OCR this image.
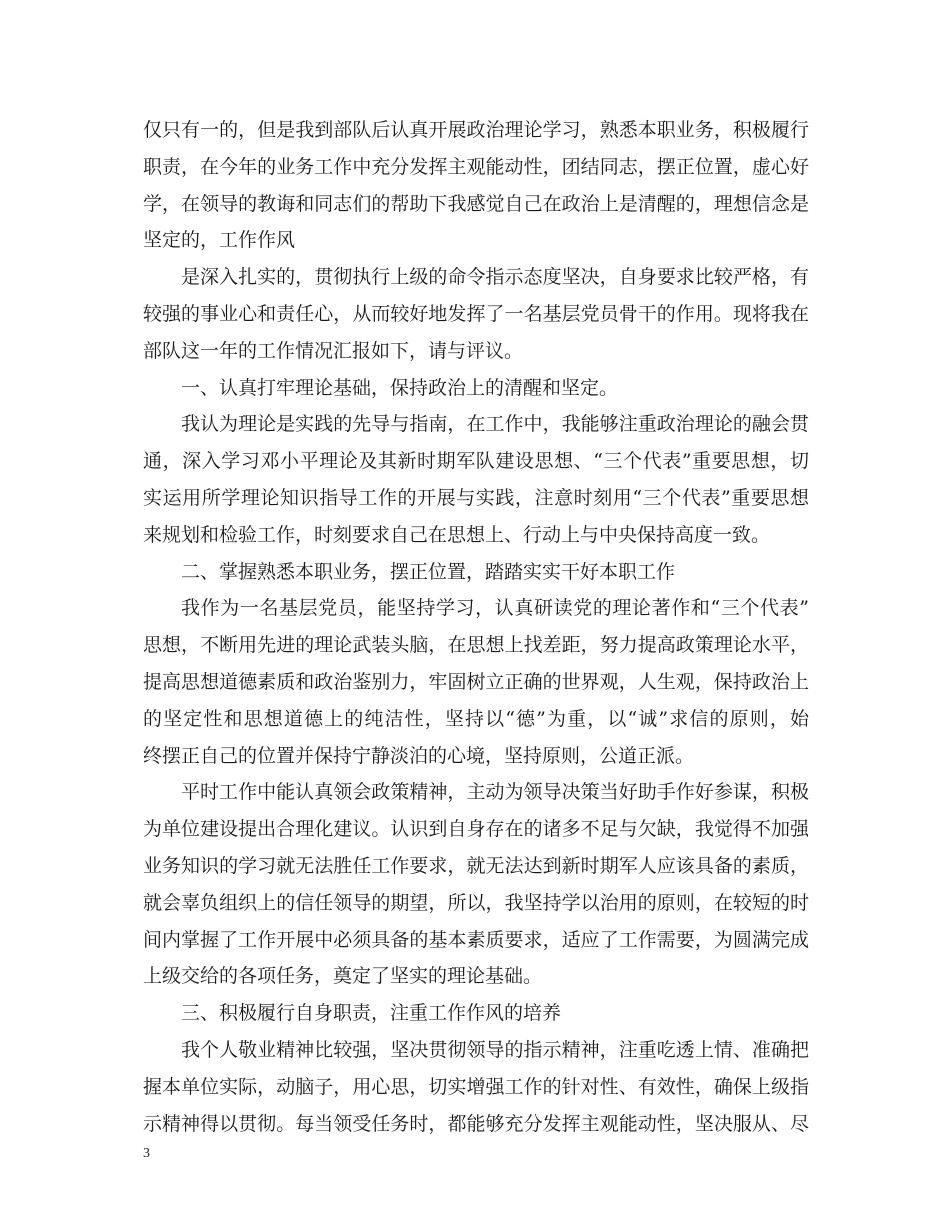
仅只有一的，但是我到部队后认真开展政治理论学习，熟悉本职业务，积极履行
职责，在今年的业务工作中充分发挥主观能动性，团结同志，摆正位置，虚心好
学，在领导的教诲和同志们的帮助下我感觉自己在政治上是清醒的，理想信念是
坚定的，工作作风
是深入扎实的，贯彻执行上级的命令指示态度坚决，自身要求比较严格，有
较强的事业心和责任心，从而较好地发挥了一名基层党员骨干的作用。现将我在
部队这一年的工作情况汇报如下，请与评议。
一、认真打牢理论基础，保持政治上的清醒和坚定。
我认为理论是实践的先导与指南，在工作中，我能够注重政治理论的融会贯
通，深入学习邓小平理论及其新时期军队建设思想、“三个代表”重要思想，切
实运用所学理论知识指导工作的开展与实践，注意时刻用“三个代表”重要思想
来规划和检验工作，时刻要求自己在思想上、行动上与中央保持高度一致。
二、掌握熟悉本职业务，摆正位置，踏踏实实干好本职工作
我作为一名基层党员，能坚持学习，认真研读党的理论著作和“三个代表”
思想，不断用先进的理论武装头脑，在思想上找差距，努力提高政策理论水平，
提高思想道德素质和政治鉴别力，牢固树立正确的世界观，人生观，保持政治上
的坚定性和思想道德上的纯洁性，坚持以“德”为重，以“诚”求信的原则，始
终摆正自己的位置并保持宁静淡泊的心境，坚持原则，公道正派。
平时工作中能认真领会政策精神，主动为领导决策当好助手作好参谋，积极
为单位建设提出合理化建议。认识到自身存在的诸多不足与欠缺，我觉得不加强
业务知识的学习就无法胜任工作要求，就无法达到新时期军人应该具备的素质，
就会辜负组织上的信任领导的期望，所以，我坚持学以治用的原则，在较短的时
间内掌握了工作开展中必须具备的基本素质要求，适应了工作需要，为圆满完成
上级交给的各项任务，奠定了坚实的理论基础。
三、积极履行自身职责，注重工作作风的培养
我个人敬业精神比较强，坚决贯彻领导的指示精神，注重吃透上情、准确把
握本单位实际，动脑子，用心思，切实增强工作的针对性、有效性，确保上级指
示精神得以贯彻。每当领受任务时，都能够充分发挥主观能动性，坚决服从、尽
3
